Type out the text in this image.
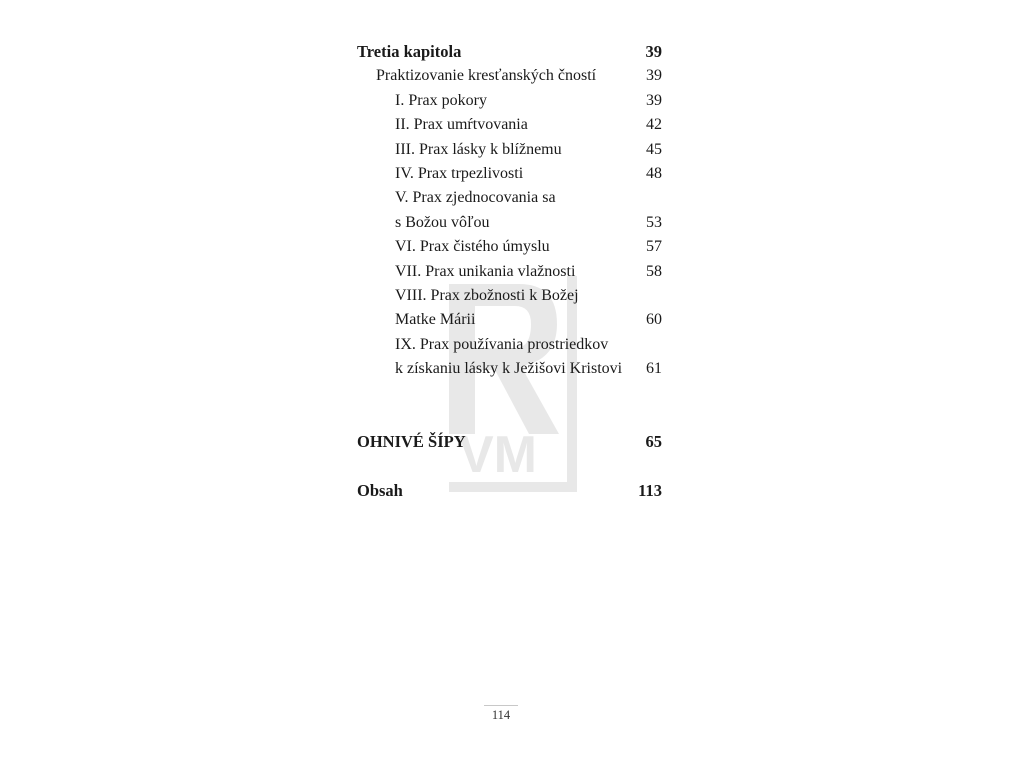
VM
Tretia kapitola	39
Praktizovanie kresťanských čností	39
I. Prax pokory	39
II. Prax umŕtvovania	42
III. Prax lásky k blížnemu	45
IV. Prax trpezlivosti	48
V. Prax zjednocovania sa
s Božou vôľou	53
VI. Prax čistého úmyslu	57
VII. Prax unikania vlažnosti	58
VIII. Prax zbožnosti k Božej
Matke Márii	60
IX. Prax používania prostriedkov
k získaniu lásky k Ježišovi Kristovi 61
OHNIVÉ ŠÍPY	65
Obsah	113
114
